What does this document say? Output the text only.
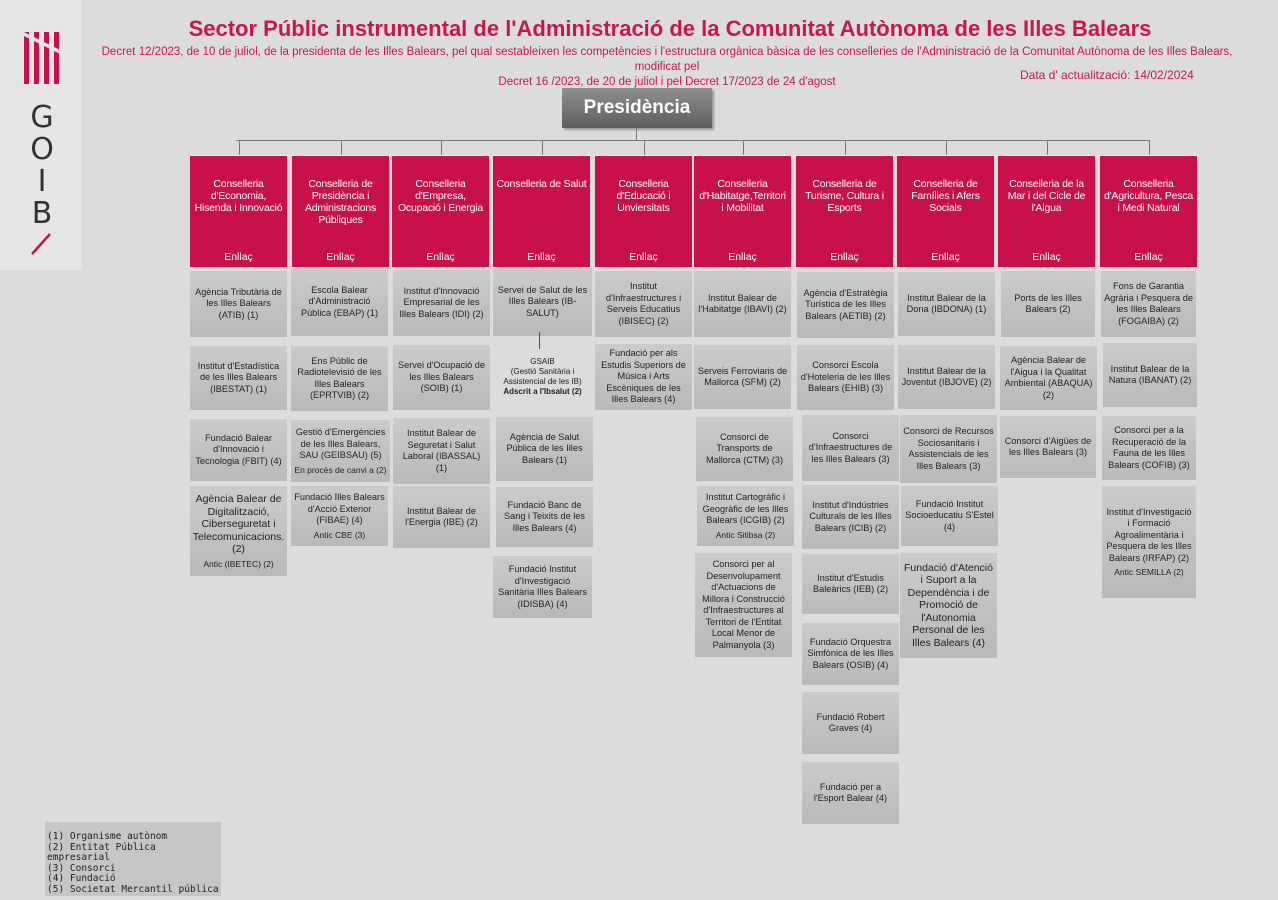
G
O
I
B
Sector Públic instrumental de l'Administració de la Comunitat Autònoma de les Illes Balears
Decret 12/2023, de 10 de juliol, de la presidenta de les Illes Balears, pel qual sestableixen les competències i l'estructura orgànica bàsica de les conselleries de l'Administració de la Comunitat Autònoma de les Illes Balears, modificat pel
Decret 16 /2023, de 20 de juliol i pel Decret 17/2023 de 24 d'agost	Data d' actualització: 14/02/2024
Presidència
Conselleria d'Economia, Hisenda i Innovació
Enllaç
Conselleria de Presidència i Administracions Públiques
Enllaç
Conselleria d'Empresa, Ocupació i Energia
Enllaç
Conselleria de Salut
Enllaç
Conselleria d'Educació i Unviersitats
Enllaç
Conselleria d'Habitatge,Territori i Mobilitat
Enllaç
Conselleria de Turisme, Cultura i Esports
Enllaç
Conselleria de Famílies i Afers Socials
Enllaç
Conselleria de la Mar i del Cicle de l'Aigua
Enllaç
Conselleria d'Agricultura, Pesca i Medi Natural
Enllaç
Agència Tributària de les Illes Balears (ATIB) (1)
Institut d'Estadística de les Illes Balears (IBESTAT) (1)
Fundació Balear d'Innovació i Tecnologia (FBIT) (4)
Agència Balear de Digitalització, Ciberseguretat i Telecomunicacions. (2)
Antic (IBETEC) (2)
Escola Balear d'Administració Pública (EBAP) (1)
Ens Públic de Radiotelevisió de les Illes Balears (EPRTVIB) (2)
Gestió d'Emergències de les Illes Balears, SAU (GEIBSAU) (5)
En procès de canvi a (2)
Fundació Illes Balears d'Acció Exterior (FIBAE) (4)
Antic CBE (3)
Institut d'Innovació Empresarial de les Illes Balears (IDI) (2)
Servei d'Ocupació de les Illes Balears (SOIB) (1)
Institut Balear de Seguretat i Salut Laboral (IBASSAL) (1)
Institut Balear de l'Energia (IBE) (2)
Servei de Salut de les Illes Balears (IB-SALUT)
Agència de Salut Pública de les Illes Balears (1)
Fundació Banc de Sang i Teixits de les Illes Balears (4)
Fundació Institut d'Investigació Sanitària Illes Balears (IDISBA) (4)
Institut d'Infraestructures i Serveis Educatius (IBISEC) (2)
Fundació per als Estudis Superiors de Música i Arts Escèniques de les Illes Balears (4)
Institut Balear de l'Habitatge (IBAVI) (2)
Serveis Ferroviaris de Mallorca (SFM) (2)
Consorci de Transports de Mallorca (CTM) (3)
Institut Cartogràfic i Geogràfic de les Illes Balears (ICGIB) (2)
Antic Sitibsa (2)
Consorci per al Desenvolupament d'Actuacions de Millora i Construcció d'Infraestructures al Territori de l'Entitat Local Menor de Palmanyola (3)
Agència d'Estratègia Turística de les Illes Balears (AETIB) (2)
Consorci Escola d'Hoteleria de les Illes Balears (EHIB) (3)
Consorci d'Infraestructures de les Illes Balears (3)
Institut d'Indústries Culturals de les Illes Balears (ICIB) (2)
Institut d'Estudis Baleàrics (IEB) (2)
Fundació Orquestra Simfònica de les Illes Balears (OSIB) (4)
Fundació Robert Graves (4)
Fundació per a l'Esport Balear (4)
Institut Balear de la Dona (IBDONA) (1)
Institut Balear de la Joventut (IBJOVE) (2)
Consorci de Recursos Sociosanitaris i Assistencials de les Illes Balears (3)
Fundació Institut Socioeducatiu S'Estel (4)
Fundació d'Atenció i Suport a la Dependència i de Promoció de l'Autonomia Personal de les Illes Balears (4)
Ports de les Illes Balears (2)
Agència Balear de l'Aigua i la Qualitat Ambiental (ABAQUA) (2)
Consorci d'Aigües de les Illes Balears (3)
Fons de Garantia Agrària i Pesquera de les Illes Balears (FOGAIBA) (2)
Institut Balear de la Natura (IBANAT) (2)
Consorci per a la Recuperació de la Fauna de les Illes Balears (COFIB) (3)
Institut d'Investigació i Formació Agroalimentària i Pesquera de les Illes Balears (IRFAP) (2)
Antic SEMILLA (2)
GSAIB
(Gestió Sanitària i Assistencial de les IB)
Adscrit a l'Ibsalut (2)
(1) Organisme autònom
(2) Entitat Pública empresarial
(3) Consorci
(4) Fundació
(5) Societat Mercantil pública
